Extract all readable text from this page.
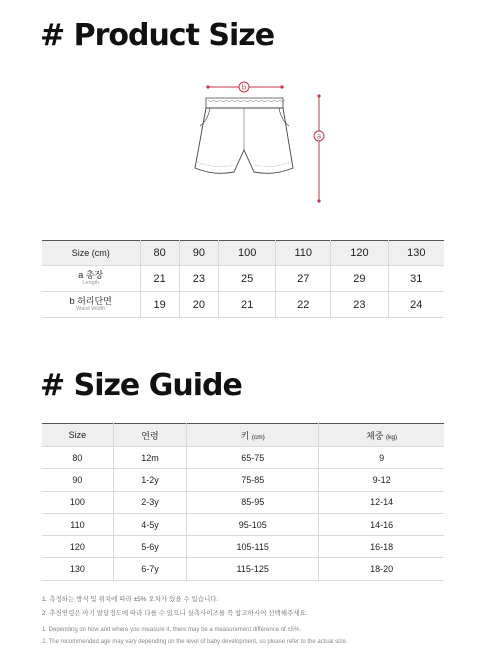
# Product Size
b
a
Size (cm)	80	90	100	110	120	130
a 총장
Length	21	23	25	27	29	31
b 허리단면
Waist Width	19	20	21	22	23	24
# Size Guide
Size	연령	키 (cm)	체중 (kg)
80	12m	65-75	9
90	1-2y	75-85	9-12
100	2-3y	85-95	12-14
110	4-5y	95-105	14-16
120	5-6y	105-115	16-18
130	6-7y	115-125	18-20
1. 측정하는 방식 및 위치에 따라 ±5% 오차가 있을 수 있습니다.
2. 추천연령은 아기 발달정도에 따라 다를 수 있으니 실측사이즈를 꼭 참고하시어 선택해주세요.
1. Depending on how and where you measure it, there may be a measurement difference of ±5%.
2. The recommended age may vary depending on the level of baby development, so please refer to the actual size.
